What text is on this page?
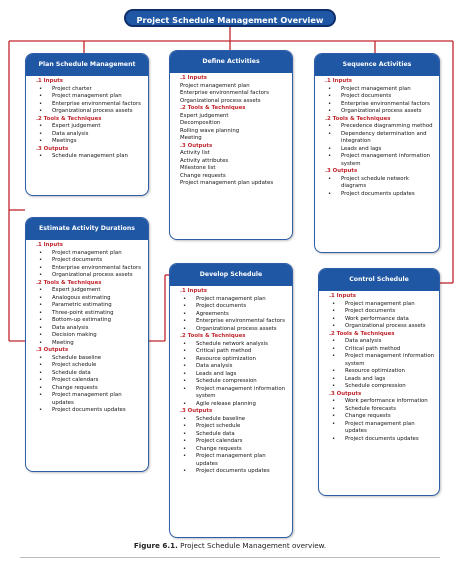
Project Schedule Management Overview
Plan Schedule Management
.1 Inputs
• Project charter
• Project management plan
• Enterprise environmental factors
• Organizational process assets
.2 Tools & Techniques
• Expert judgement
• Data analysis
• Meetings
.3 Outputs
• Schedule management plan
Define Activities
.1 Inputs
Project management plan
Enterprise environmental factors
Organizational process assets
.2 Tools & Techniques
Expert judgement
Decomposition
Rolling wave planning
Meeting
.3 Outputs
Activity list
Activity attributes
Milestone list
Change requests
Project management plan updates
Sequence Activities
.1 Inputs
• Project management plan
• Project documents
• Enterprise environmental factors
• Organizational process assets
.2 Tools & Techniques
• Precedence diagramming method
• Dependency determination and integration
• Leads and lags
• Project management information system
.3 Outputs
• Project schedule network diagrams
• Project documents updates
Estimate Activity Durations
.1 Inputs
• Project management plan
• Project documents
• Enterprise environmental factors
• Organizational process assets
.2 Tools & Techniques
• Expert judgement
• Analogous estimating
• Parametric estimating
• Three-point estimating
• Bottom-up estimating
• Data analysis
• Decision making
• Meeting
.3 Outputs
• Schedule baseline
• Project schedule
• Schedule data
• Project calendars
• Change requests
• Project management plan updates
• Project documents updates
Develop Schedule
.1 Inputs
• Project management plan
• Project documents
• Agreements
• Enterprise environmental factors
• Organizational process assets
.2 Tools & Techniques
• Schedule network analysis
• Critical path method
• Resource optimization
• Data analysis
• Leads and lags
• Schedule compression
• Project management information system
• Agile release planning
.3 Outputs
• Schedule baseline
• Project schedule
• Schedule data
• Project calendars
• Change requests
• Project management plan updates
• Project documents updates
Control Schedule
.1 Inputs
• Project management plan
• Project documents
• Work performance data
• Organizational process assets
.2 Tools & Techniques
• Data analysis
• Critical path method
• Project management information system
• Resource optimization
• Leads and lags
• Schedule compression
.3 Outputs
• Work performance information
• Schedule forecasts
• Change requests
• Project management plan updates
• Project documents updates
Figure 6.1. Project Schedule Management overview.
